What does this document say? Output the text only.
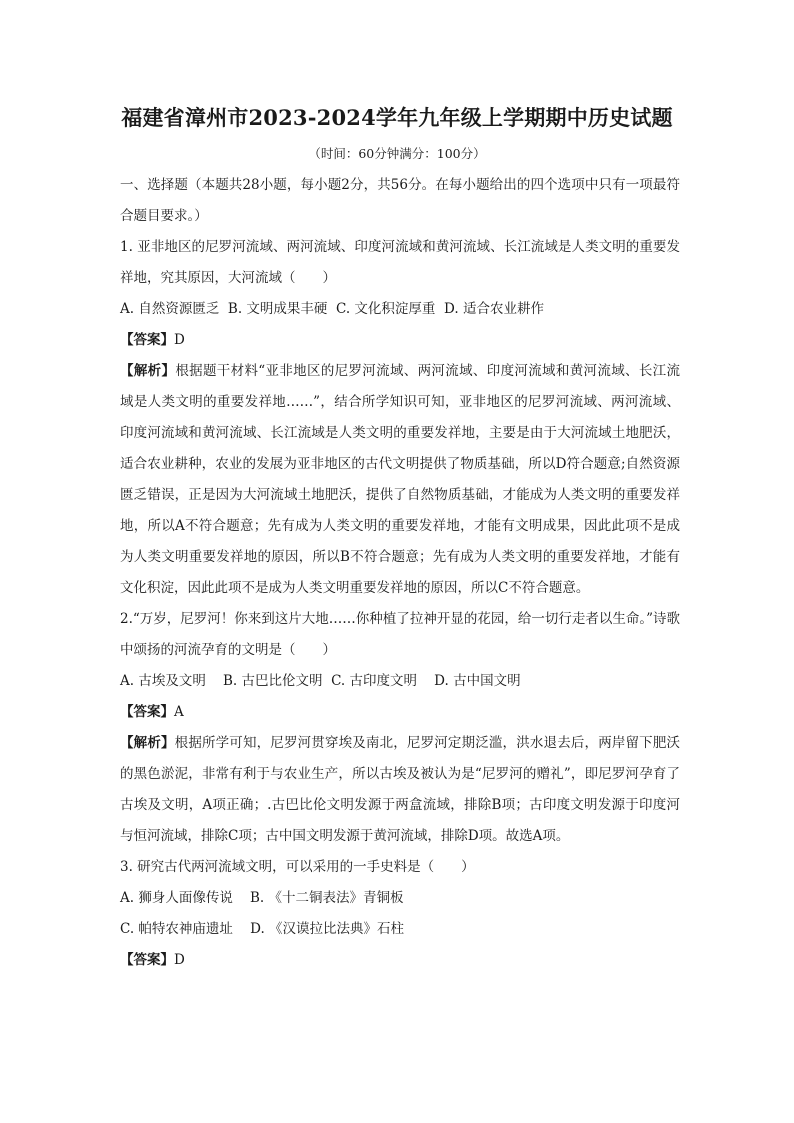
福建省漳州市2023-2024学年九年级上学期期中历史试题
（时间：60分钟满分：100分）

一、选择题（本题共28小题，每小题2分，共56分。在每小题给出的四个选项中只有一项最符合题目要求。）

1. 亚非地区的尼罗河流域、两河流域、印度河流域和黄河流域、长江流域是人类文明的重要发祥地，究其原因，大河流域（　　）

A. 自然资源匮乏  B. 文明成果丰硬  C. 文化积淀厚重  D. 适合农业耕作

【答案】D

【解析】根据题干材料“亚非地区的尼罗河流域、两河流域、印度河流域和黄河流域、长江流域是人类文明的重要发祥地……”，结合所学知识可知，亚非地区的尼罗河流域、两河流域、印度河流域和黄河流域、长江流域是人类文明的重要发祥地，主要是由于大河流域土地肥沃，适合农业耕种，农业的发展为亚非地区的古代文明提供了物质基础，所以D符合题意;自然资源匮乏错误，正是因为大河流域土地肥沃，提供了自然物质基础，才能成为人类文明的重要发祥地，所以A不符合题意；先有成为人类文明的重要发祥地，才能有文明成果，因此此项不是成为人类文明重要发祥地的原因，所以B不符合题意；先有成为人类文明的重要发祥地，才能有文化积淀，因此此项不是成为人类文明重要发祥地的原因，所以C不符合题意。

2.“万岁，尼罗河！你来到这片大地……你种植了拉神开显的花园，给一切行走者以生命。”诗歌中颂扬的河流孕育的文明是（　　）

A. 古埃及文明    B. 古巴比伦文明  C. 古印度文明    D. 古中国文明

【答案】A

【解析】根据所学可知，尼罗河贯穿埃及南北，尼罗河定期泛滥，洪水退去后，两岸留下肥沃的黑色淤泥，非常有利于与农业生产，所以古埃及被认为是“尼罗河的赠礼”，即尼罗河孕育了古埃及文明，A项正确；.古巴比伦文明发源于两盒流域，排除B项；古印度文明发源于印度河与恒河流域，排除C项；古中国文明发源于黄河流域，排除D项。故选A项。

3. 研究古代两河流域文明，可以采用的一手史料是（　　）

A. 狮身人面像传说    B. 《十二铜表法》青铜板

C. 帕特农神庙遗址    D. 《汉谟拉比法典》石柱

【答案】D
